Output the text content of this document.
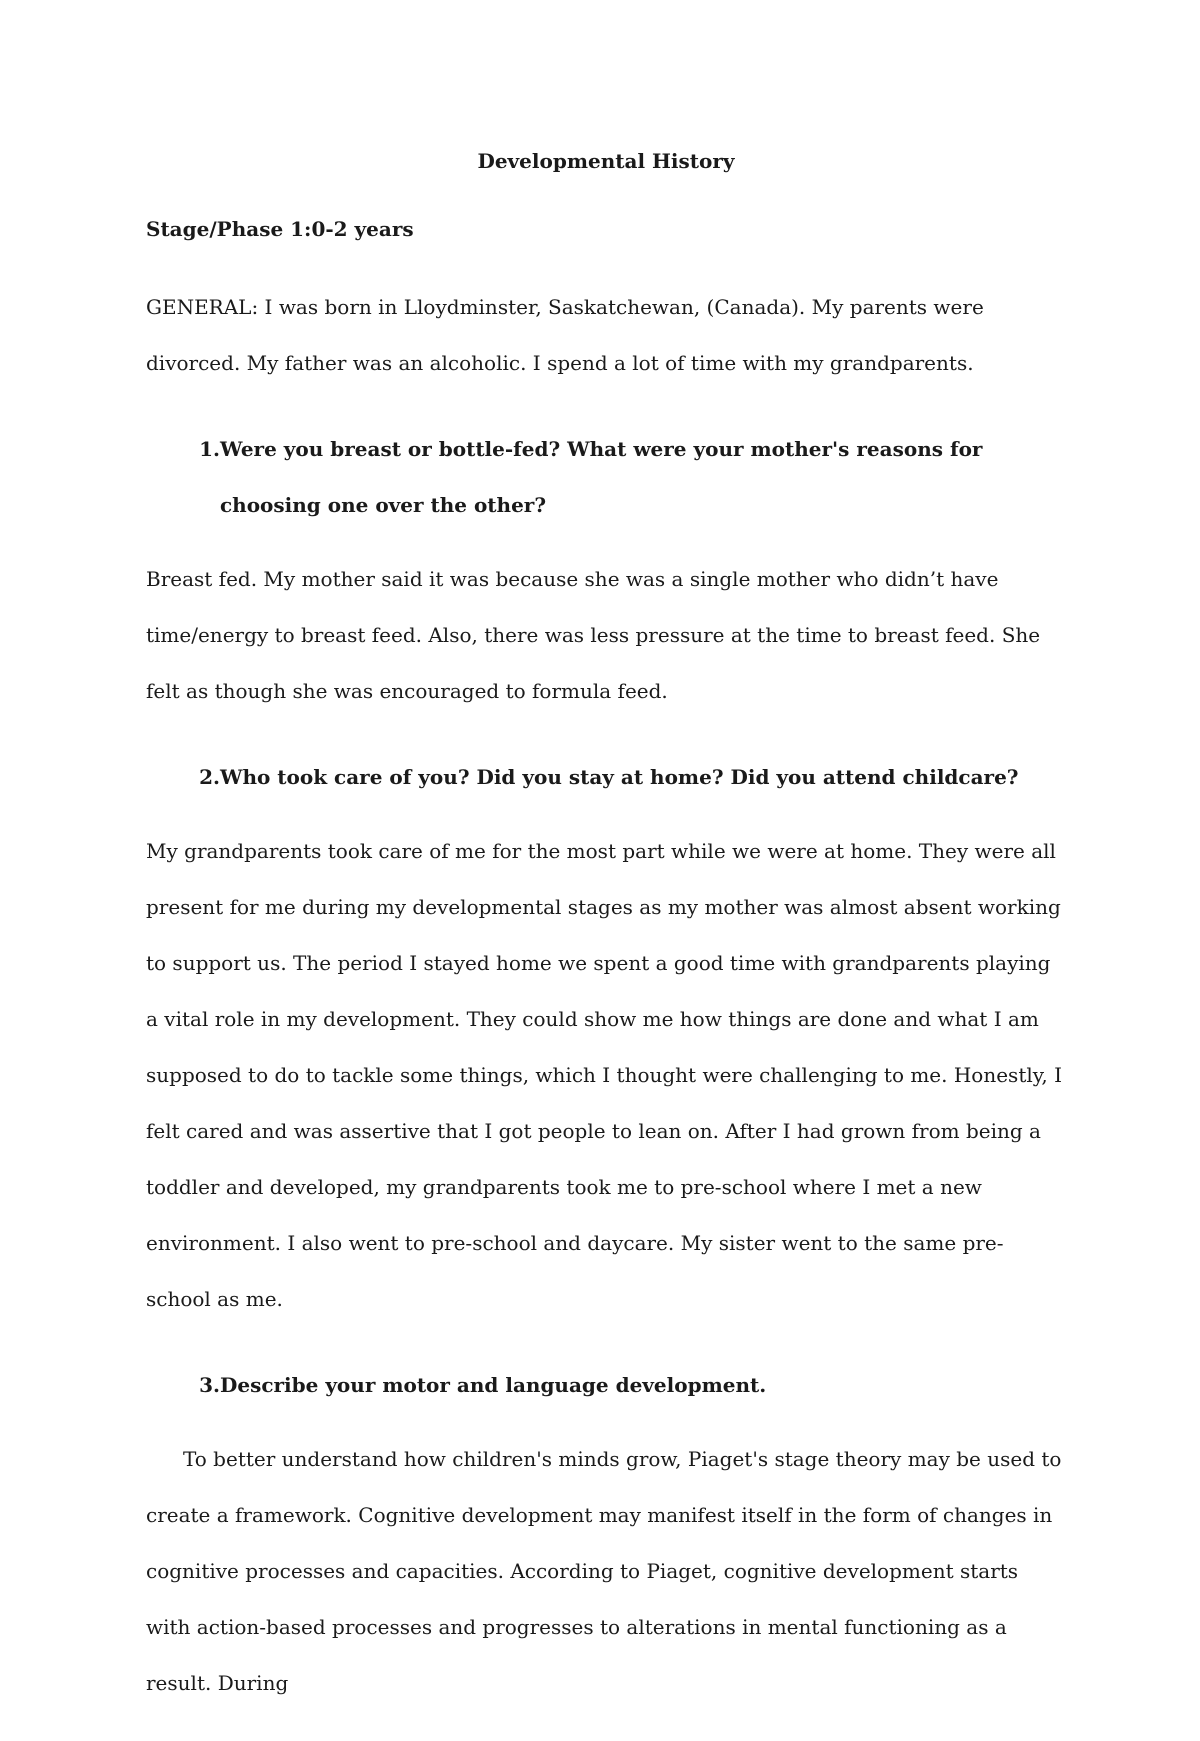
Developmental History
Stage/Phase 1:0-2 years

GENERAL: I was born in Lloydminster, Saskatchewan, (Canada). My parents were divorced. My father was an alcoholic. I spend a lot of time with my grandparents.

1. Were you breast or bottle-fed? What were your mother's reasons for choosing one over the other?

Breast fed. My mother said it was because she was a single mother who didn’t have time/energy to breast feed. Also, there was less pressure at the time to breast feed. She felt as though she was encouraged to formula feed.

2. Who took care of you? Did you stay at home? Did you attend childcare?

My grandparents took care of me for the most part while we were at home. They were all present for me during my developmental stages as my mother was almost absent working to support us. The period I stayed home we spent a good time with grandparents playing a vital role in my development. They could show me how things are done and what I am supposed to do to tackle some things, which I thought were challenging to me. Honestly, I felt cared and was assertive that I got people to lean on. After I had grown from being a toddler and developed, my grandparents took me to pre-school where I met a new environment. I also went to pre-school and daycare. My sister went to the same pre-school as me.

3. Describe your motor and language development.

To better understand how children's minds grow, Piaget's stage theory may be used to create a framework. Cognitive development may manifest itself in the form of changes in cognitive processes and capacities. According to Piaget, cognitive development starts with action-based processes and progresses to alterations in mental functioning as a result. During
